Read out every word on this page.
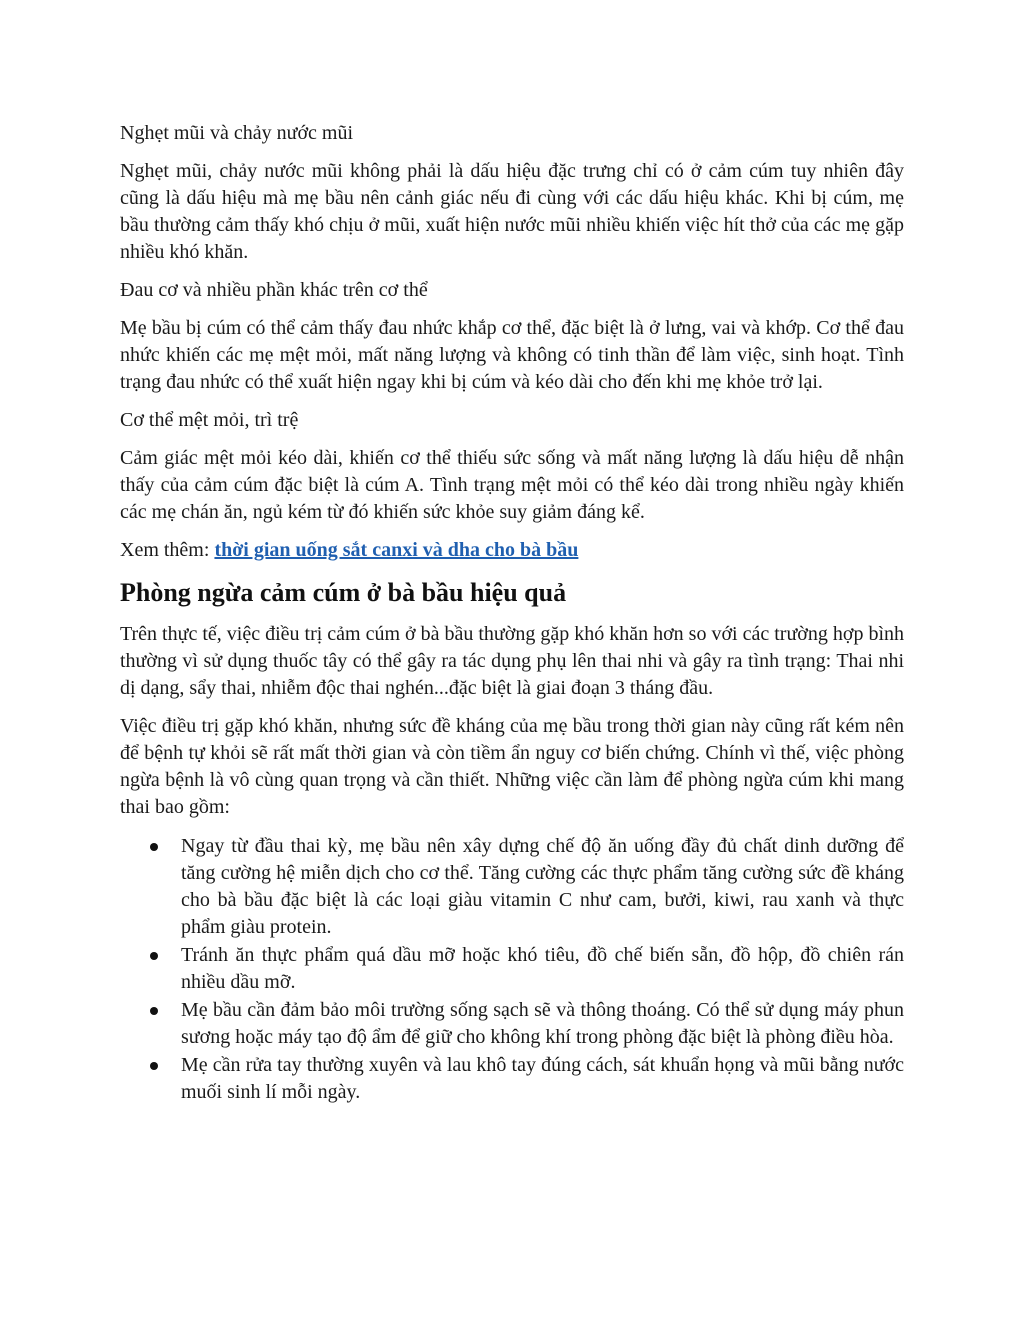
Nghẹt mũi và chảy nước mũi

Nghẹt mũi, chảy nước mũi không phải là dấu hiệu đặc trưng chỉ có ở cảm cúm tuy nhiên đây cũng là dấu hiệu mà mẹ bầu nên cảnh giác nếu đi cùng với các dấu hiệu khác. Khi bị cúm, mẹ bầu thường cảm thấy khó chịu ở mũi, xuất hiện nước mũi nhiều khiến việc hít thở của các mẹ gặp nhiều khó khăn.

Đau cơ và nhiều phần khác trên cơ thể

Mẹ bầu bị cúm có thể cảm thấy đau nhức khắp cơ thể, đặc biệt là ở lưng, vai và khớp. Cơ thể đau nhức khiến các mẹ mệt mỏi, mất năng lượng và không có tinh thần để làm việc, sinh hoạt. Tình trạng đau nhức có thể xuất hiện ngay khi bị cúm và kéo dài cho đến khi mẹ khỏe trở lại.

Cơ thể mệt mỏi, trì trệ

Cảm giác mệt mỏi kéo dài, khiến cơ thể thiếu sức sống và mất năng lượng là dấu hiệu dễ nhận thấy của cảm cúm đặc biệt là cúm A. Tình trạng mệt mỏi có thể kéo dài trong nhiều ngày khiến các mẹ chán ăn, ngủ kém từ đó khiến sức khỏe suy giảm đáng kể.

Xem thêm: thời gian uống sắt canxi và dha cho bà bầu

Phòng ngừa cảm cúm ở bà bầu hiệu quả

Trên thực tế, việc điều trị cảm cúm ở bà bầu thường gặp khó khăn hơn so với các trường hợp bình thường vì sử dụng thuốc tây có thể gây ra tác dụng phụ lên thai nhi và gây ra tình trạng: Thai nhi dị dạng, sẩy thai, nhiễm độc thai nghén...đặc biệt là giai đoạn 3 tháng đầu.

Việc điều trị gặp khó khăn, nhưng sức đề kháng của mẹ bầu trong thời gian này cũng rất kém nên để bệnh tự khỏi sẽ rất mất thời gian và còn tiềm ẩn nguy cơ biến chứng. Chính vì thế, việc phòng ngừa bệnh là vô cùng quan trọng và cần thiết. Những việc cần làm để phòng ngừa cúm khi mang thai bao gồm:

Ngay từ đầu thai kỳ, mẹ bầu nên xây dựng chế độ ăn uống đầy đủ chất dinh dưỡng để tăng cường hệ miễn dịch cho cơ thể. Tăng cường các thực phẩm tăng cường sức đề kháng cho bà bầu đặc biệt là các loại giàu vitamin C như cam, bưởi, kiwi, rau xanh và thực phẩm giàu protein.
Tránh ăn thực phẩm quá dầu mỡ hoặc khó tiêu, đồ chế biến sẵn, đồ hộp, đồ chiên rán nhiều dầu mỡ.
Mẹ bầu cần đảm bảo môi trường sống sạch sẽ và thông thoáng. Có thể sử dụng máy phun sương hoặc máy tạo độ ẩm để giữ cho không khí trong phòng đặc biệt là phòng điều hòa.
Mẹ cần rửa tay thường xuyên và lau khô tay đúng cách, sát khuẩn họng và mũi bằng nước muối sinh lí mỗi ngày.
